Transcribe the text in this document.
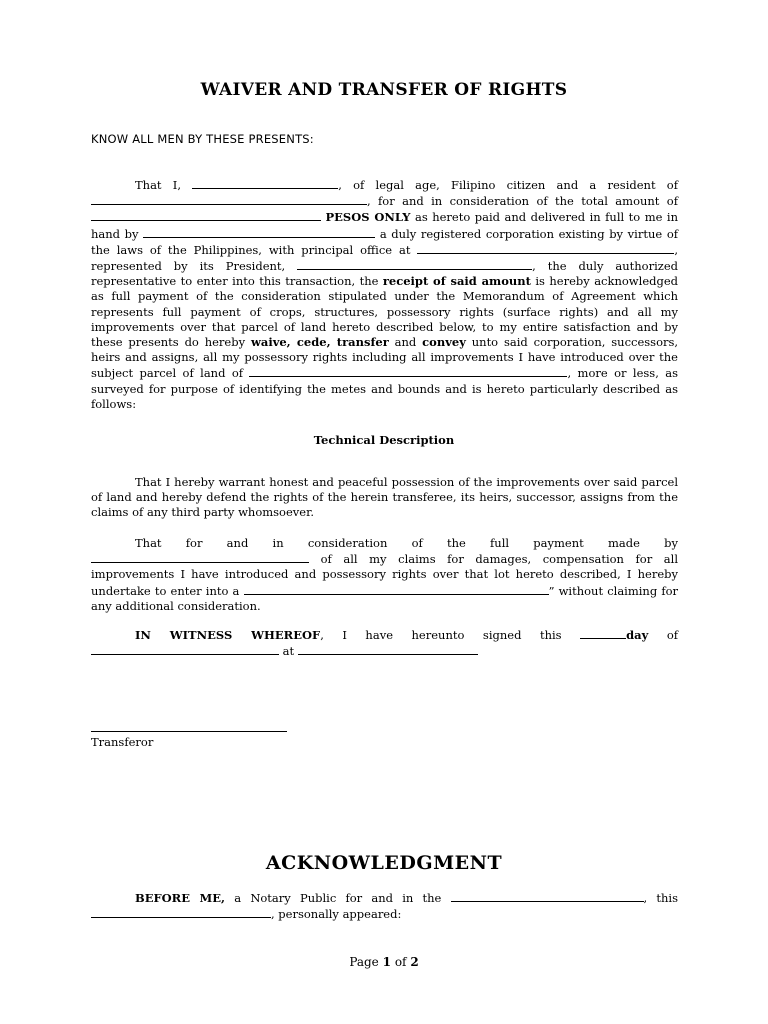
WAIVER AND TRANSFER OF RIGHTS
KNOW ALL MEN BY THESE PRESENTS:
That I,	, of legal age, Filipino citizen and a resident of , for and in consideration of the total amount of  PESOS ONLY as hereto paid and delivered in full to me in hand by	a duly registered corporation existing by virtue of the laws of the Philippines, with principal office at	, represented by its President,	, the duly authorized representative to enter into this transaction, the receipt of said amount is hereby acknowledged as full payment of the consideration stipulated under the Memorandum of Agreement which represents full payment of crops, structures, possessory rights (surface rights) and all my improvements over that parcel of land hereto described below, to my entire satisfaction and by these presents do hereby waive, cede, transfer and convey unto said corporation, successors, heirs and assigns, all my possessory rights including all improvements I have introduced over the subject parcel of land of	, more or less, as surveyed for purpose of identifying the metes and bounds and is hereto particularly described as follows:
Technical Description
That I hereby warrant honest and peaceful possession of the improvements over said parcel of land and hereby defend the rights of the herein transferee, its heirs, successor, assigns from the claims of any third party whomsoever.
That for and in consideration of the full payment made by  of all my claims for damages, compensation for all improvements I have introduced and possessory rights over that lot hereto described, I hereby undertake to enter into a	” without claiming for any additional consideration.
IN WITNESS WHEREOF, I have hereunto signed this	day of  at
Transferor
ACKNOWLEDGMENT
BEFORE ME, a Notary Public for and in the	, this , personally appeared:
Page 1 of 2
